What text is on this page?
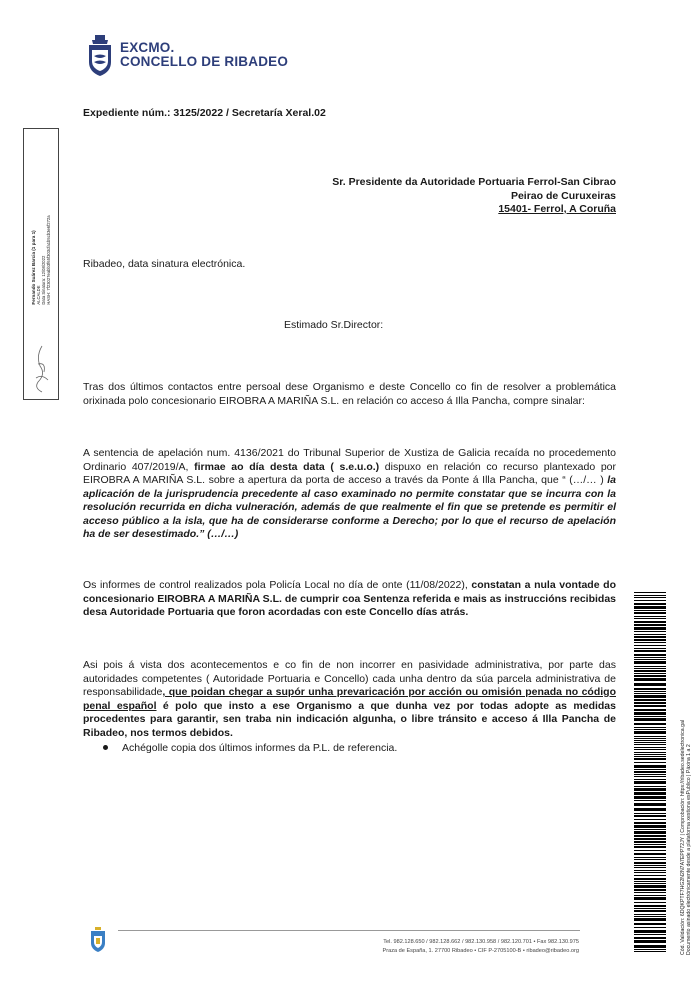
EXCMO.
CONCELLO DE RIBADEO
Expediente núm.: 3125/2022 / Secretaría Xeral.02
Fernando Suárez Barcia (1 para 1) ALCALDE Data Sinatura: 12/08/2022 HASH: 7f23027eabb3f65f303cfa1b5cb3e6f272a
Sr. Presidente da Autoridade Portuaria Ferrol-San Cibrao
Peirao de Curuxeiras
15401- Ferrol, A Coruña
Ribadeo, data sinatura electrónica.
Estimado Sr.Director:
Tras dos últimos contactos entre persoal dese Organismo e deste Concello co fin de resolver a problemática orixinada polo concesionario EIROBRA A MARIÑA S.L. en relación co acceso á Illa Pancha, compre sinalar:
A sentencia de apelación num. 4136/2021 do Tribunal Superior de Xustiza de Galicia recaída no procedemento Ordinario 407/2019/A, firmae ao día desta data ( s.e.u.o.) dispuxo en relación co recurso plantexado por EIROBRA A MARIÑA S.L. sobre a apertura da porta de acceso a través da Ponte á Illa Pancha, que “ (…/… ) la aplicación de la jurisprudencia precedente al caso examinado no permite constatar que se incurra con la resolución recurrida en dicha vulneración, además de que realmente el fin que se pretende es permitir el acceso público a la isla, que ha de considerarse conforme a Derecho; por lo que el recurso de apelación ha de ser desestimado.” (…/…)
Os informes de control realizados pola Policía Local no día de onte (11/08/2022), constatan a nula vontade do concesionario EIROBRA A MARIÑA S.L. de cumprir coa Sentenza referida e mais as instrucción​s recibidas desa Autoridade Portuaria que foron acordadas con este Concello días atrás.
Asi pois á vista dos acontecementos e co fin de non incorrer en pasividade administrativa, por parte das autoridades competentes ( Autoridade Portuaria e Concello) cada unha dentro da súa parcela administrativa de responsabilidade, que poidan chegar a supór unha prevaricación por acción ou omisión penada no código penal español é polo que insto a ese Organismo a que dunha vez por todas adopte as medidas procedentes para garantir, sen traba nin indicación algunha, o libre tránsito e acceso á Illa Pancha de Ribadeo, nos termos debidos.
Achégolle copia dos últimos informes da P.L. de referencia.	Cód. Validación: 6DQKPTF7HG2N2N7A7EPP72JY | Comprobación: https://ribadeo.sedelectronica.gal Documento asinado electrónicamente desde a plataforma xestiona esPublico | Páxina 1 a 2
Tel. 982.128.650 / 982.128.662 / 982.130.958 / 982.120.701 • Fax 982.130.975
Praza de España, 1. 27700 Ribadeo • CIF P-2705100-B • ribadeo@ribadeo.org
